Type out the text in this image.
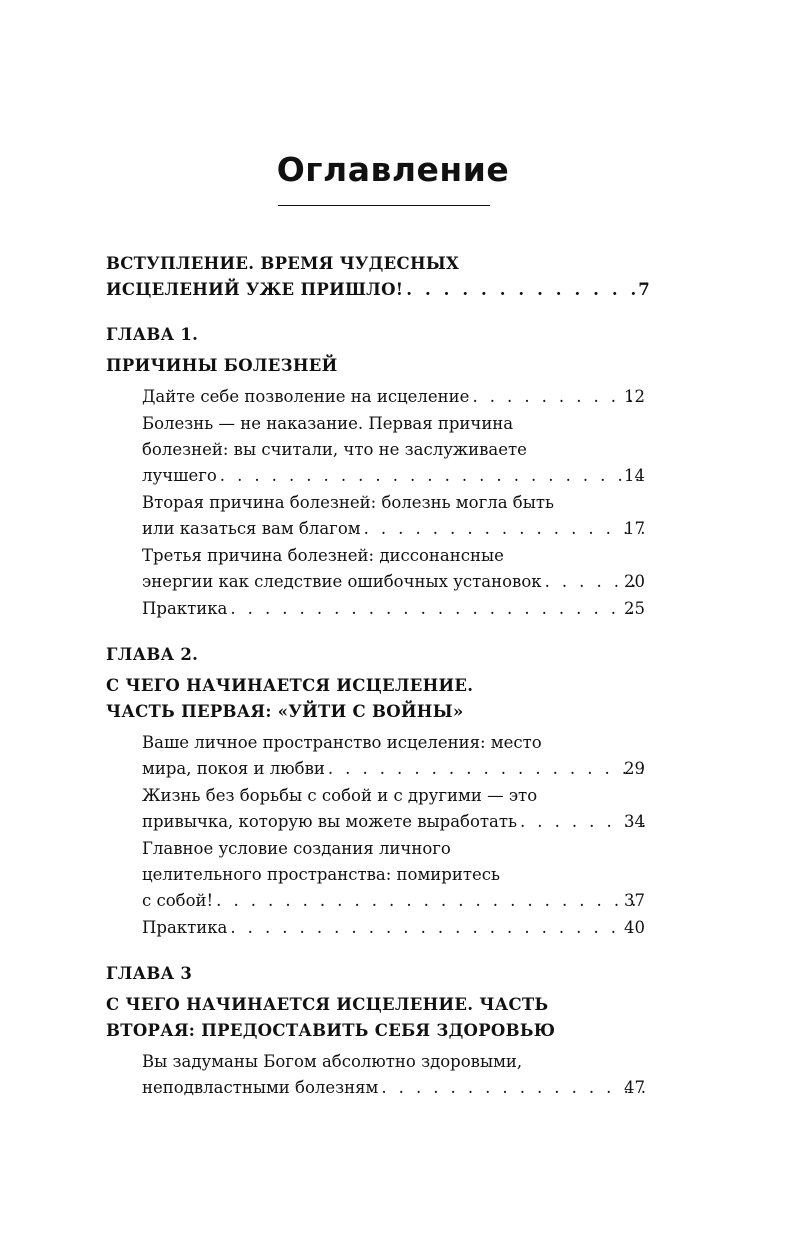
Оглавление
ВСТУПЛЕНИЕ. ВРЕМЯ ЧУДЕСНЫХ
ИСЦЕЛЕНИЙ УЖЕ ПРИШЛО! . . .	7
ГЛАВА 1.
ПРИЧИНЫ БОЛЕЗНЕЙ
Дайте себе позволение на исцеление . . .	12
Болезнь — не наказание. Первая причина
болезней: вы считали, что не заслуживаете
лучшего . . .	14
Вторая причина болезней: болезнь могла быть
или казаться вам благом . . .	17
Третья причина болезней: диссонансные
энергии как следствие ошибочных установок . . .	20
Практика . . .	25
ГЛАВА 2.
С ЧЕГО НАЧИНАЕТСЯ ИСЦЕЛЕНИЕ.
ЧАСТЬ ПЕРВАЯ: «УЙТИ С ВОЙНЫ»
Ваше личное пространство исцеления: место
мира, покоя и любви . . .	29
Жизнь без борьбы с собой и с другими — это
привычка, которую вы можете выработать . . .	34
Главное условие создания личного
целительного пространства: помиритесь
с собой! . . .	37
Практика . . .	40
ГЛАВА 3
С ЧЕГО НАЧИНАЕТСЯ ИСЦЕЛЕНИЕ. ЧАСТЬ
ВТОРАЯ: ПРЕДОСТАВИТЬ СЕБЯ ЗДОРОВЬЮ
Вы задуманы Богом абсолютно здоровыми,
неподвластными болезням . . .	47
